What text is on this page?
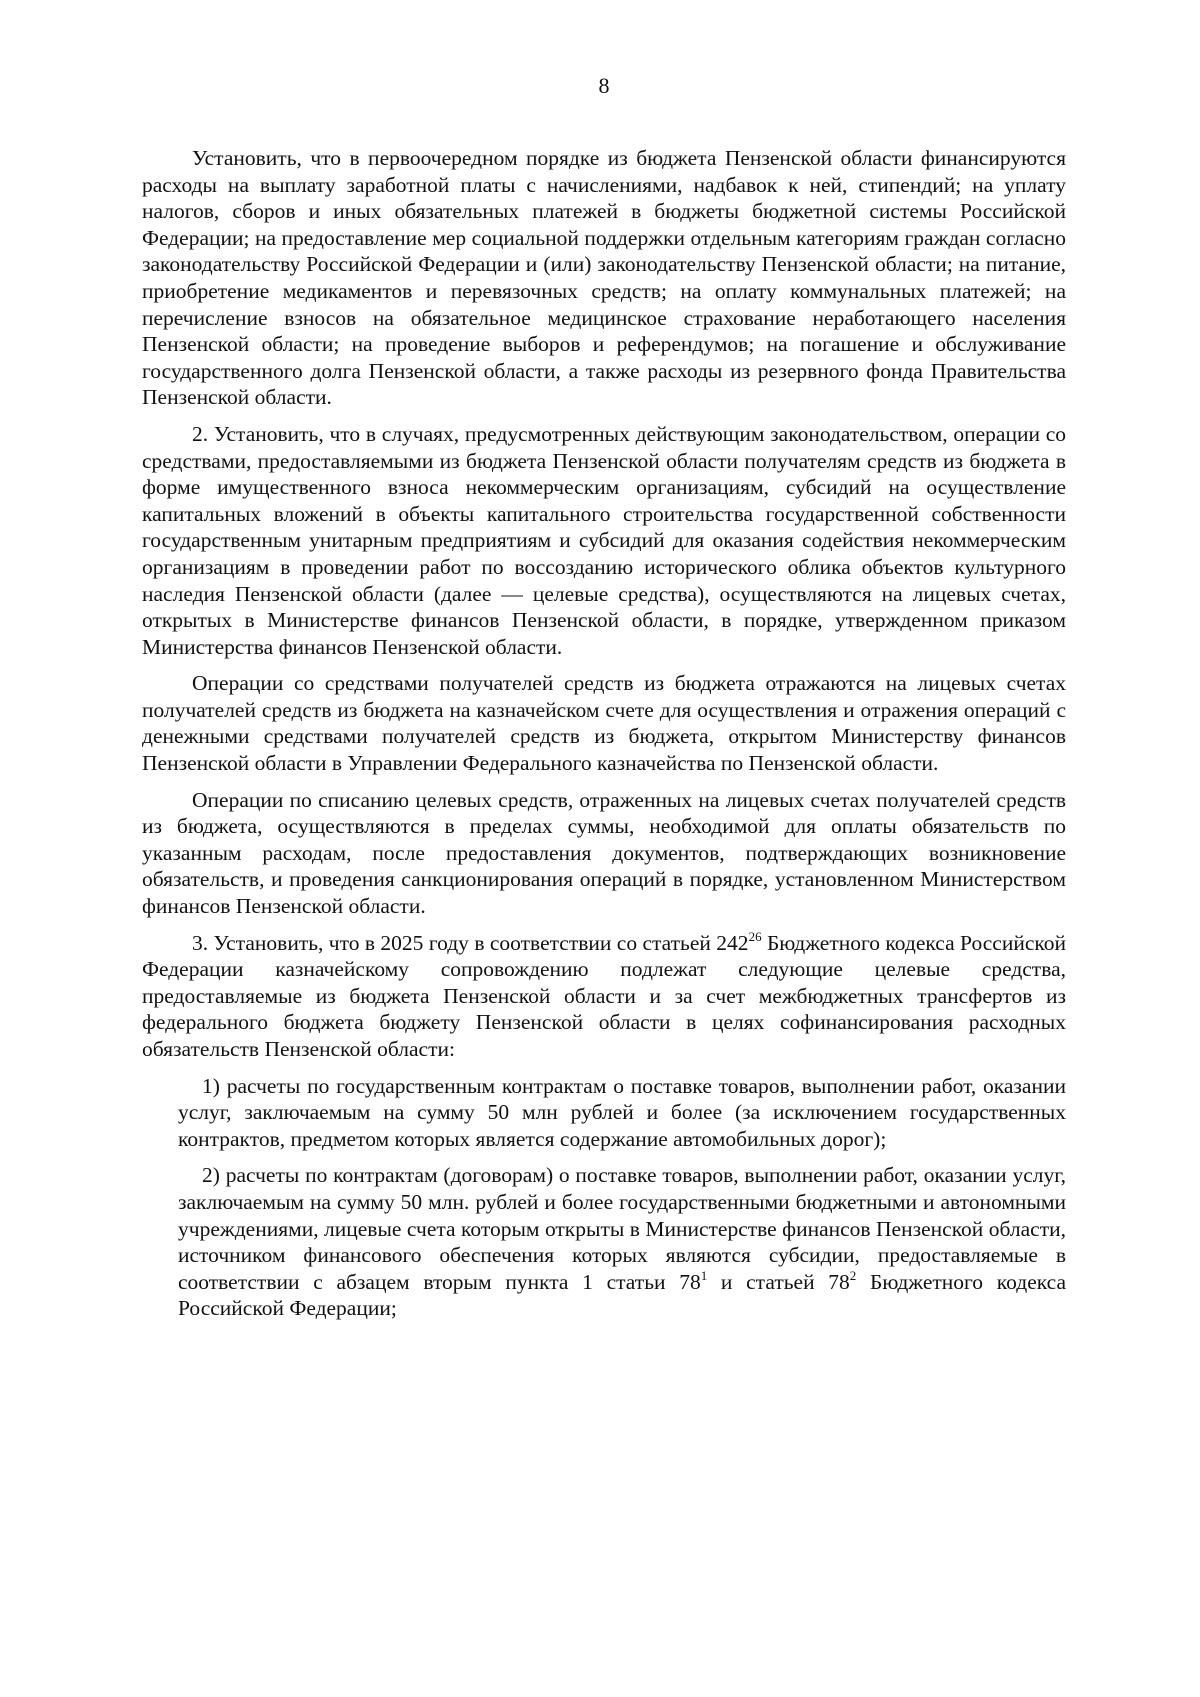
8

Установить, что в первоочередном порядке из бюджета Пензенской области финансируются расходы на выплату заработной платы с начислениями, надбавок к ней, стипендий; на уплату налогов, сборов и иных обязательных платежей в бюджеты бюджетной системы Российской Федерации; на предоставление мер социальной поддержки отдельным категориям граждан согласно законодательству Российской Федерации и (или) законодательству Пензенской области; на питание, приобретение медикаментов и перевязочных средств; на оплату коммунальных платежей; на перечисление взносов на обязательное медицинское страхование неработающего населения Пензенской области; на проведение выборов и референдумов; на погашение и обслуживание государственного долга Пензенской области, а также расходы из резервного фонда Правительства Пензенской области.

2. Установить, что в случаях, предусмотренных действующим законодательством, операции со средствами, предоставляемыми из бюджета Пензенской области получателям средств из бюджета в форме имущественного взноса некоммерческим организациям, субсидий на осуществление капитальных вложений в объекты капитального строительства государственной собственности государственным унитарным предприятиям и субсидий для оказания содействия некоммерческим организациям в проведении работ по воссозданию исторического облика объектов культурного наследия Пензенской области (далее — целевые средства), осуществляются на лицевых счетах, открытых в Министерстве финансов Пензенской области, в порядке, утвержденном приказом Министерства финансов Пензенской области.

Операции со средствами получателей средств из бюджета отражаются на лицевых счетах получателей средств из бюджета на казначейском счете для осуществления и отражения операций с денежными средствами получателей средств из бюджета, открытом Министерству финансов Пензенской области в Управлении Федерального казначейства по Пензенской области.

Операции по списанию целевых средств, отраженных на лицевых счетах получателей средств из бюджета, осуществляются в пределах суммы, необходимой для оплаты обязательств по указанным расходам, после предоставления документов, подтверждающих возникновение обязательств, и проведения санкционирования операций в порядке, установленном Министерством финансов Пензенской области.

3. Установить, что в 2025 году в соответствии со статьей $242^{26}$ Бюджетного кодекса Российской Федерации казначейскому сопровождению подлежат следующие целевые средства, предоставляемые из бюджета Пензенской области и за счет межбюджетных трансфертов из федерального бюджета бюджету Пензенской области в целях софинансирования расходных обязательств Пензенской области:

1) расчеты по государственным контрактам о поставке товаров, выполнении работ, оказании услуг, заключаемым на сумму 50 млн рублей и более (за исключением государственных контрактов, предметом которых является содержание автомобильных дорог);

2) расчеты по контрактам (договорам) о поставке товаров, выполнении работ, оказании услуг, заключаемым на сумму 50 млн. рублей и более государственными бюджетными и автономными учреждениями, лицевые счета которым открыты в Министерстве финансов Пензенской области, источником финансового обеспечения которых являются субсидии, предоставляемые в соответствии с абзацем вторым пункта 1 статьи $78^1$ и статьей $78^2$ Бюджетного кодекса Российской Федерации;
